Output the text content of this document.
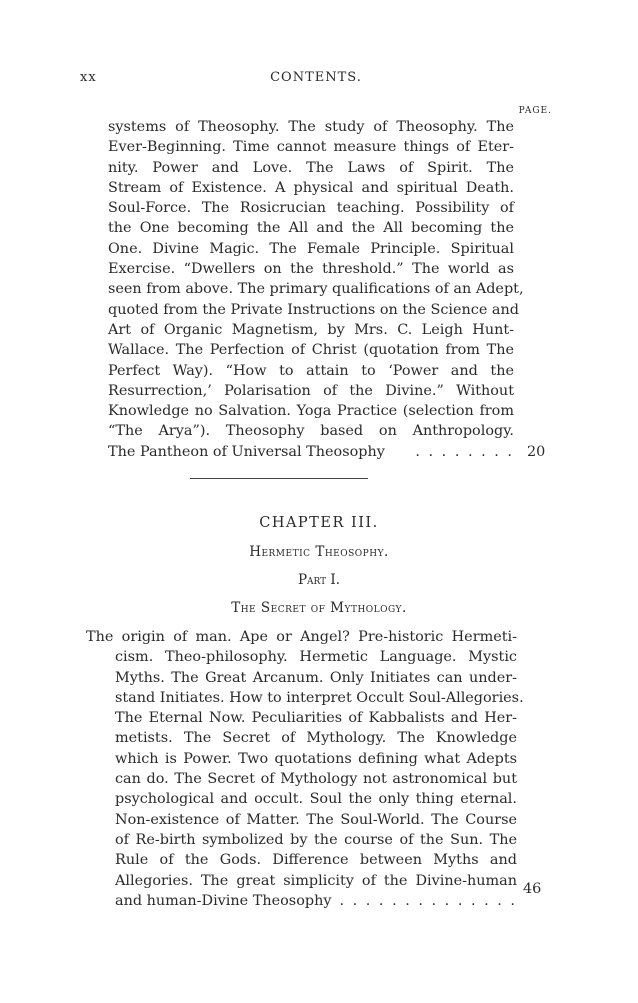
xx	CONTENTS.
PAGE.
systems of Theosophy. The study of Theosophy. The
Ever-Beginning. Time cannot measure things of Eter-
nity. Power and Love. The Laws of Spirit. The
Stream of Existence. A physical and spiritual Death.
Soul-Force. The Rosicrucian teaching. Possibility of
the One becoming the All and the All becoming the
One. Divine Magic. The Female Principle. Spiritual
Exercise. “Dwellers on the threshold.” The world as
seen from above. The primary qualifications of an Adept,
quoted from the Private Instructions on the Science and
Art of Organic Magnetism, by Mrs. C. Leigh Hunt-
Wallace. The Perfection of Christ (quotation from The
Perfect Way). “How to attain to ‘Power and the
Resurrection,’ Polarisation of the Divine.” Without
Knowledge no Salvation. Yoga Practice (selection from
“The Arya”). Theosophy based on Anthropology.
The Pantheon of Universal Theosophy . . . . . . . . 20
CHAPTER III.
Hermetic Theosophy.
Part I.
The Secret of Mythology.
The origin of man. Ape or Angel? Pre-historic Hermeti-
cism. Theo-philosophy. Hermetic Language. Mystic
Myths. The Great Arcanum. Only Initiates can under-
stand Initiates. How to interpret Occult Soul-Allegories.
The Eternal Now. Peculiarities of Kabbalists and Her-
metists. The Secret of Mythology. The Knowledge
which is Power. Two quotations defining what Adepts
can do. The Secret of Mythology not astronomical but
psychological and occult. Soul the only thing eternal.
Non-existence of Matter. The Soul-World. The Course
of Re-birth symbolized by the course of the Sun. The
Rule of the Gods. Difference between Myths and
Allegories. The great simplicity of the Divine-human
and human-Divine Theosophy . . . . . . . . . . . . . .
46
